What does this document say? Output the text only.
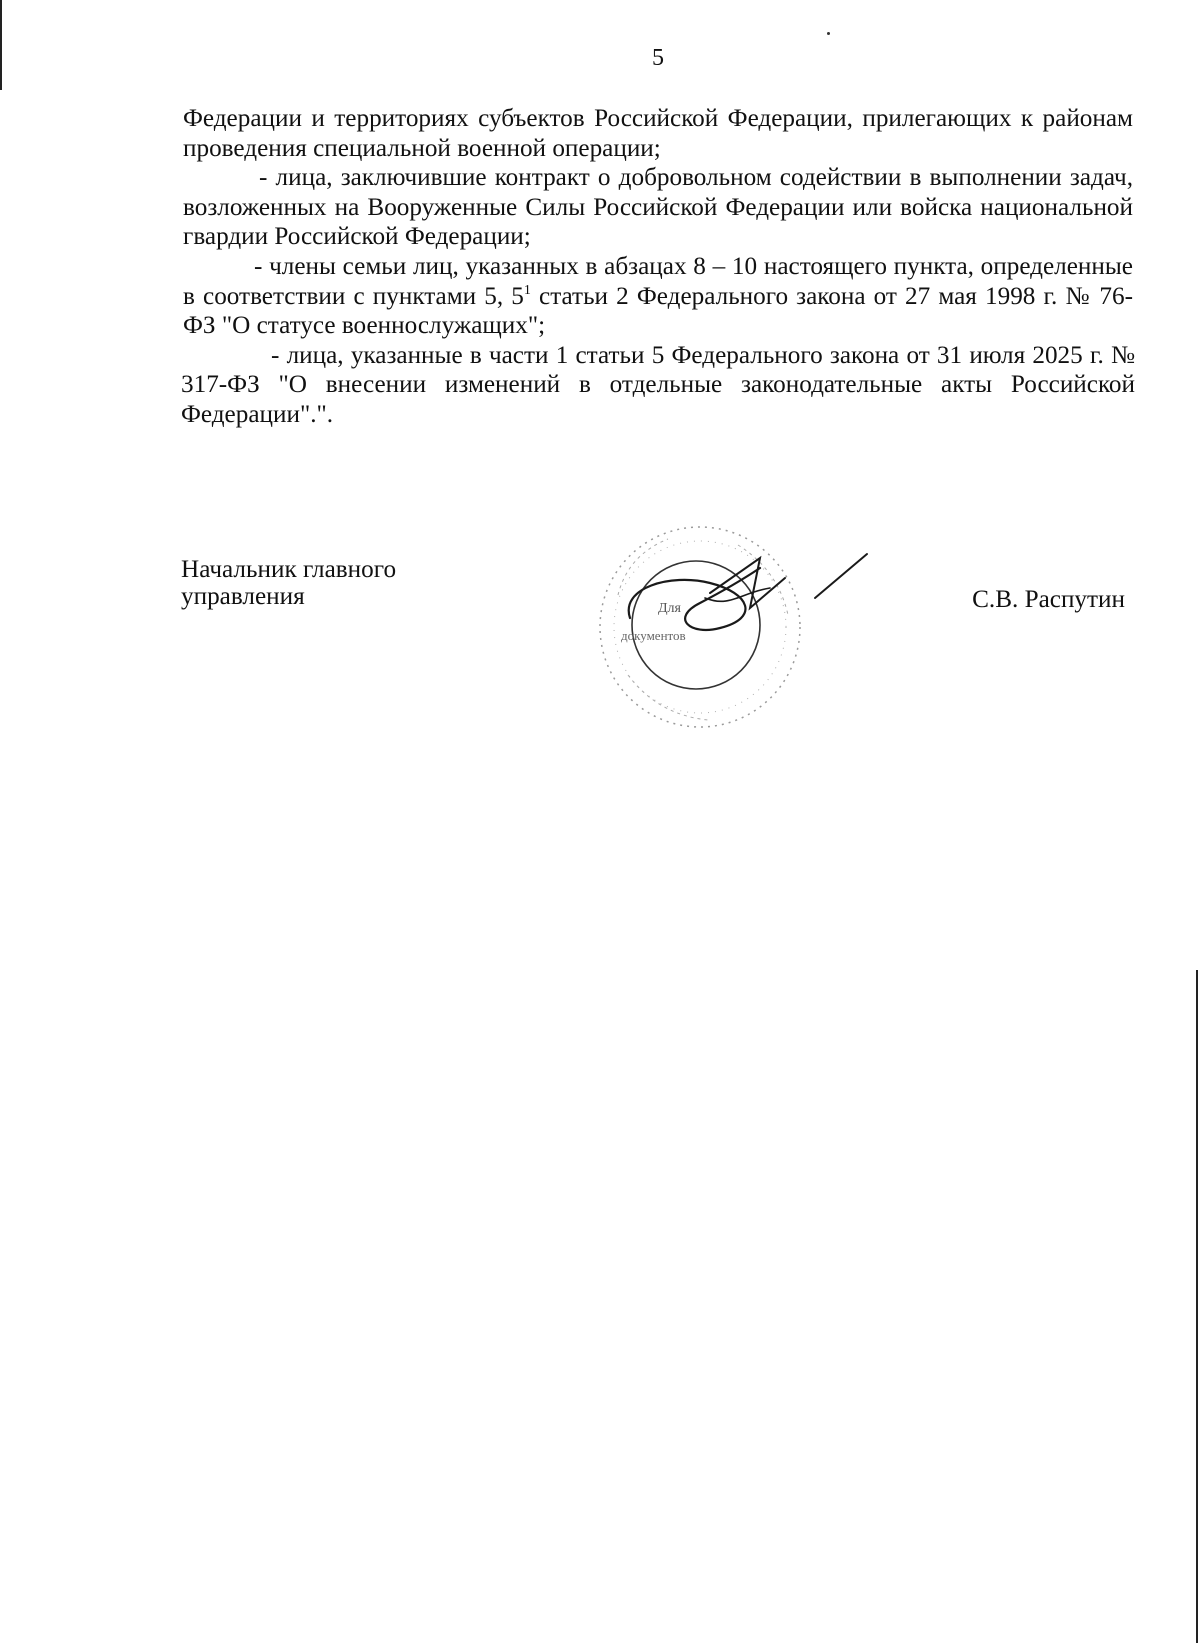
5

Федерации и территориях субъектов Российской Федерации, прилегающих к районам проведения специальной военной операции;

- лица, заключившие контракт о добровольном содействии в выполнении задач, возложенных на Вооруженные Силы Российской Федерации или войска национальной гвардии Российской Федерации;

- члены семьи лиц, указанных в абзацах 8 – 10 настоящего пункта, определенные в соответствии с пунктами 5, $5^1$ статьи 2 Федерального закона от 27 мая 1998 г. № 76-ФЗ "О статусе военнослужащих";

- лица, указанные в части 1 статьи 5 Федерального закона от 31 июля 2025 г. № 317-ФЗ "О внесении изменений в отдельные законодательные акты Российской Федерации".".

Начальник главного
управления	Для
документов
С.В. Распутин
